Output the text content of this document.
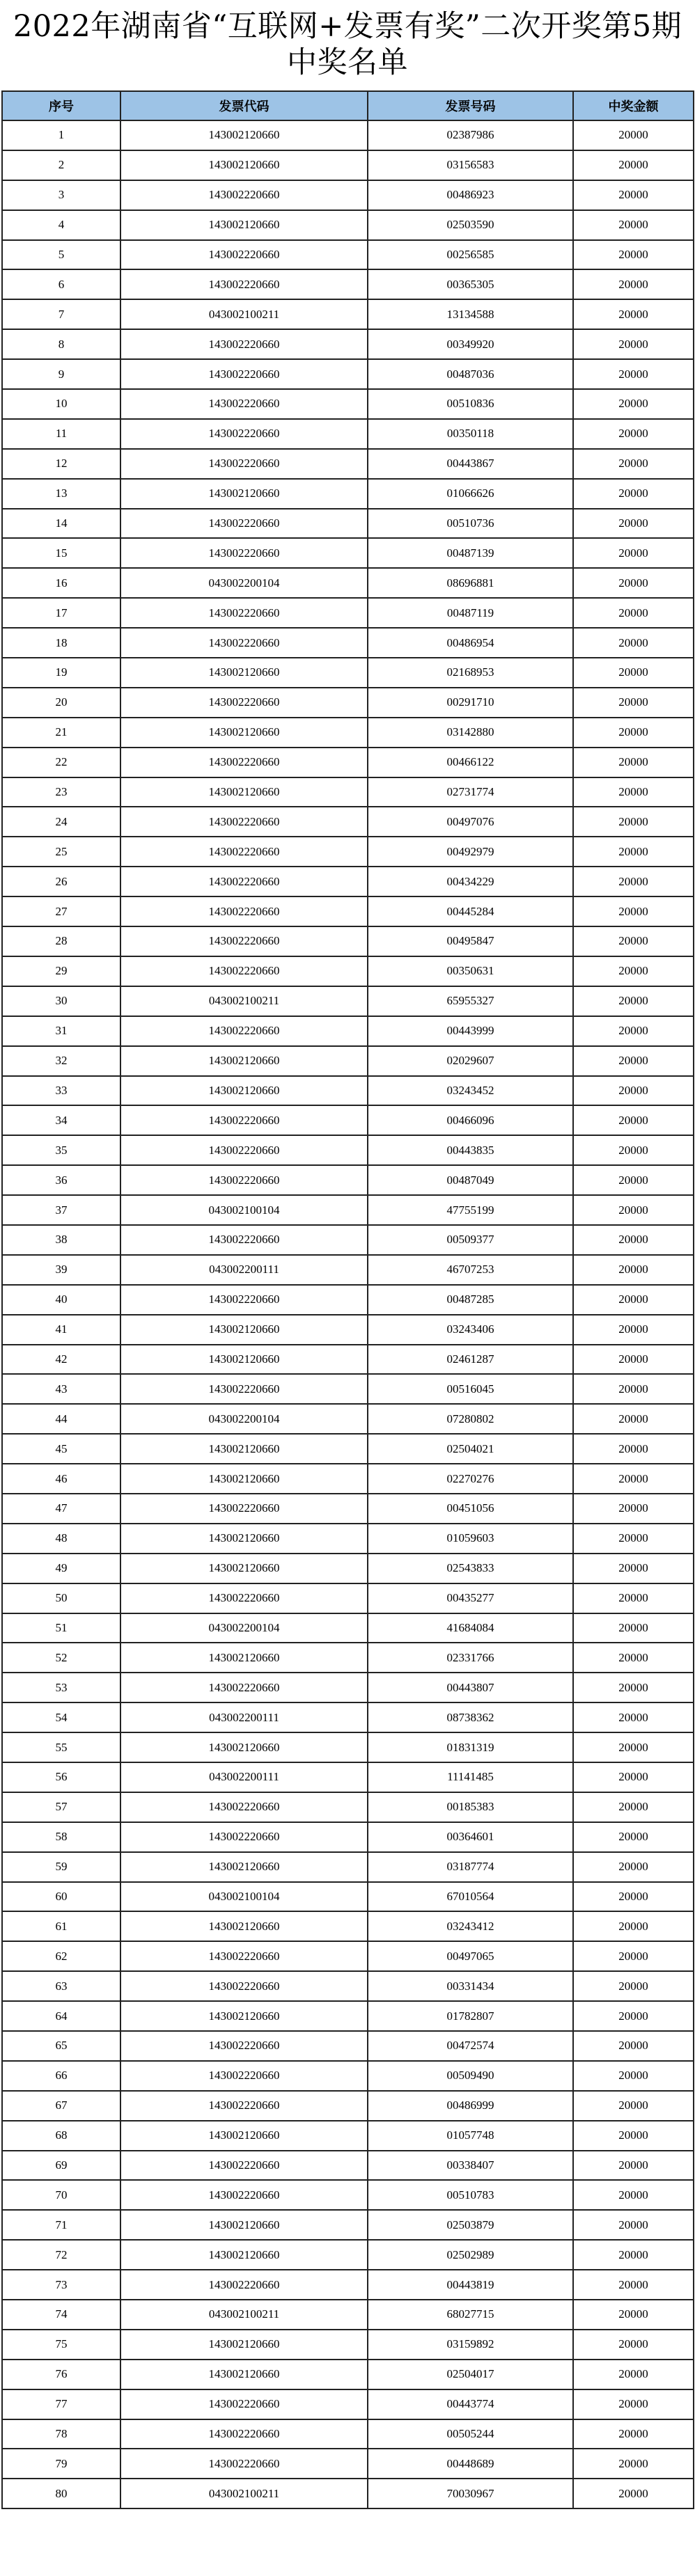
2022年湖南省“互联网+发票有奖”二次开奖第5期
中奖名单
序号	发票代码	发票号码	中奖金额
1	143002120660	02387986	20000
2	143002120660	03156583	20000
3	143002220660	00486923	20000
4	143002120660	02503590	20000
5	143002220660	00256585	20000
6	143002220660	00365305	20000
7	043002100211	13134588	20000
8	143002220660	00349920	20000
9	143002220660	00487036	20000
10	143002220660	00510836	20000
11	143002220660	00350118	20000
12	143002220660	00443867	20000
13	143002120660	01066626	20000
14	143002220660	00510736	20000
15	143002220660	00487139	20000
16	043002200104	08696881	20000
17	143002220660	00487119	20000
18	143002220660	00486954	20000
19	143002120660	02168953	20000
20	143002220660	00291710	20000
21	143002120660	03142880	20000
22	143002220660	00466122	20000
23	143002120660	02731774	20000
24	143002220660	00497076	20000
25	143002220660	00492979	20000
26	143002220660	00434229	20000
27	143002220660	00445284	20000
28	143002220660	00495847	20000
29	143002220660	00350631	20000
30	043002100211	65955327	20000
31	143002220660	00443999	20000
32	143002120660	02029607	20000
33	143002120660	03243452	20000
34	143002220660	00466096	20000
35	143002220660	00443835	20000
36	143002220660	00487049	20000
37	043002100104	47755199	20000
38	143002220660	00509377	20000
39	043002200111	46707253	20000
40	143002220660	00487285	20000
41	143002120660	03243406	20000
42	143002120660	02461287	20000
43	143002220660	00516045	20000
44	043002200104	07280802	20000
45	143002120660	02504021	20000
46	143002120660	02270276	20000
47	143002220660	00451056	20000
48	143002120660	01059603	20000
49	143002120660	02543833	20000
50	143002220660	00435277	20000
51	043002200104	41684084	20000
52	143002120660	02331766	20000
53	143002220660	00443807	20000
54	043002200111	08738362	20000
55	143002120660	01831319	20000
56	043002200111	11141485	20000
57	143002220660	00185383	20000
58	143002220660	00364601	20000
59	143002120660	03187774	20000
60	043002100104	67010564	20000
61	143002120660	03243412	20000
62	143002220660	00497065	20000
63	143002220660	00331434	20000
64	143002120660	01782807	20000
65	143002220660	00472574	20000
66	143002220660	00509490	20000
67	143002220660	00486999	20000
68	143002120660	01057748	20000
69	143002220660	00338407	20000
70	143002220660	00510783	20000
71	143002120660	02503879	20000
72	143002120660	02502989	20000
73	143002220660	00443819	20000
74	043002100211	68027715	20000
75	143002120660	03159892	20000
76	143002120660	02504017	20000
77	143002220660	00443774	20000
78	143002220660	00505244	20000
79	143002220660	00448689	20000
80	043002100211	70030967	20000
